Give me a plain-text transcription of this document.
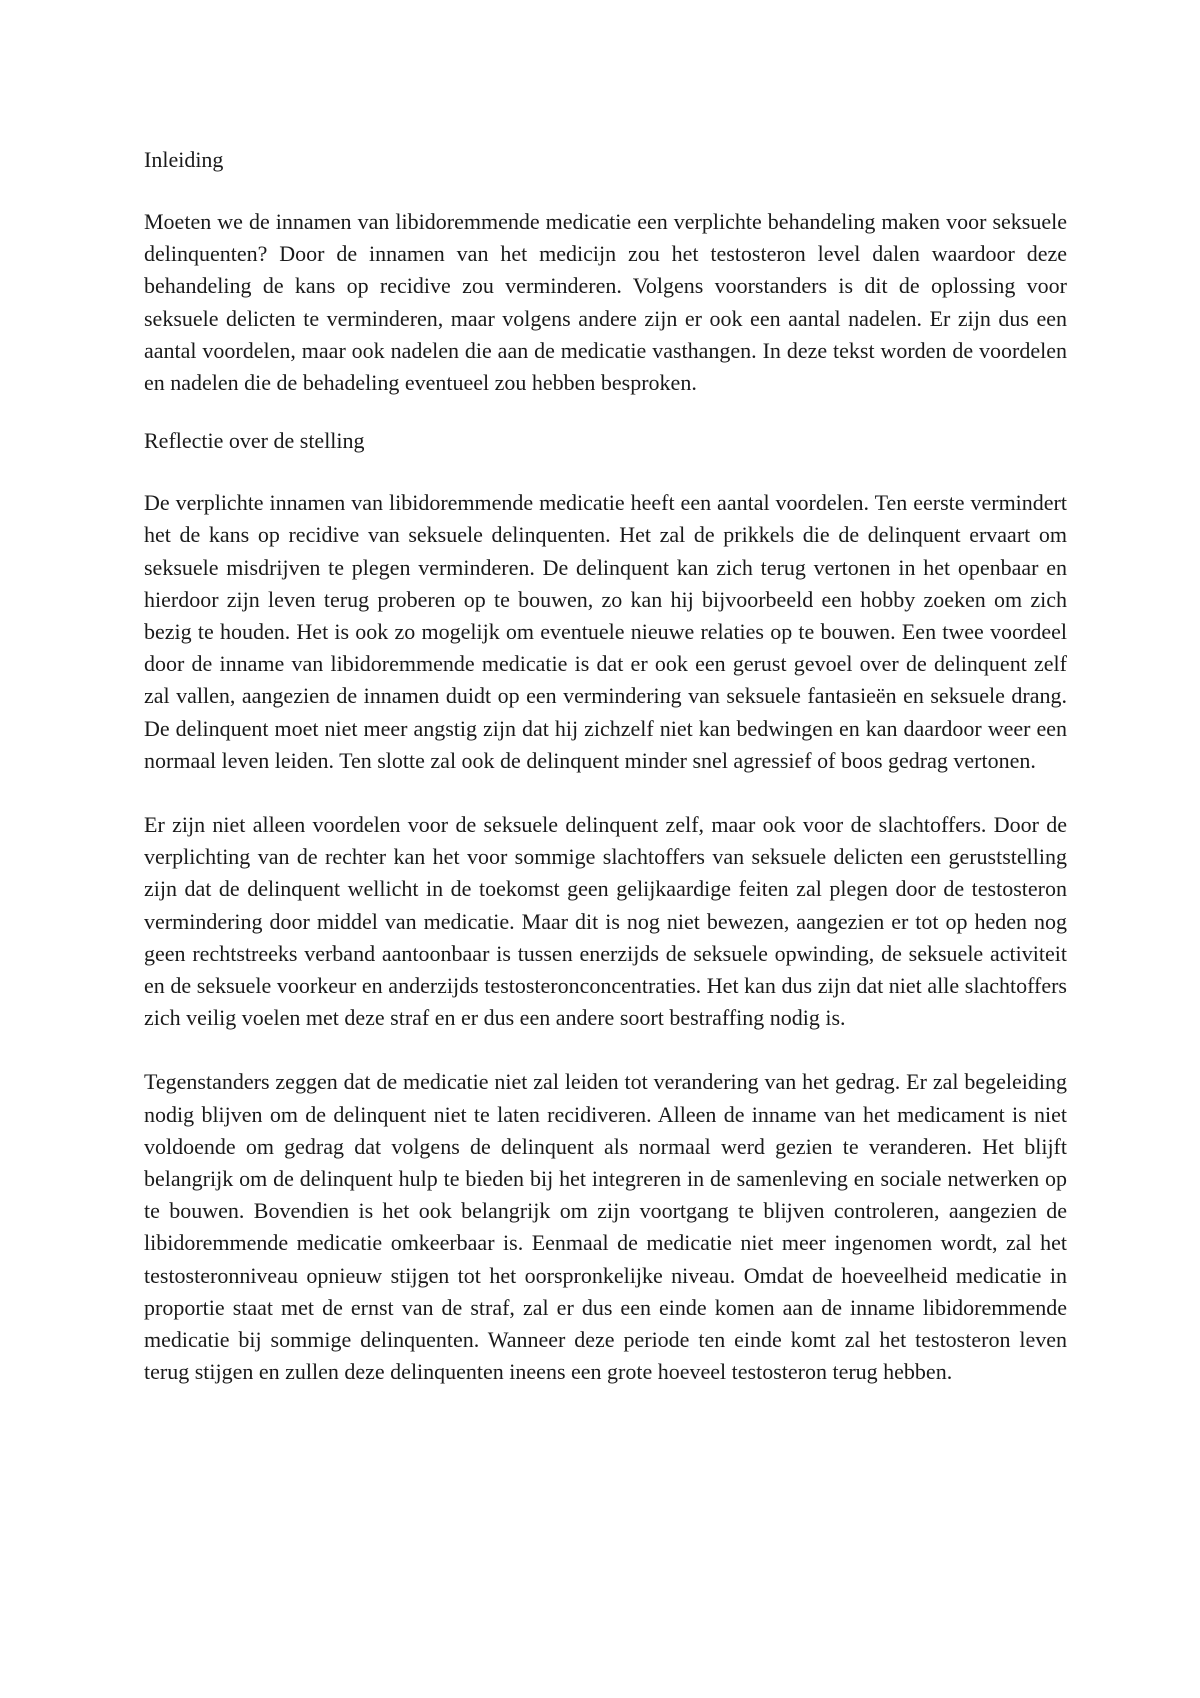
Inleiding

Moeten we de innamen van libidoremmende medicatie een verplichte behandeling maken voor seksuele delinquenten? Door de innamen van het medicijn zou het testosteron level dalen waardoor deze behandeling de kans op recidive zou verminderen. Volgens voorstanders is dit de oplossing voor seksuele delicten te verminderen, maar volgens andere zijn er ook een aantal nadelen. Er zijn dus een aantal voordelen, maar ook nadelen die aan de medicatie vasthangen. In deze tekst worden de voordelen en nadelen die de behadeling eventueel zou hebben besproken.

Reflectie over de stelling

De verplichte innamen van libidoremmende medicatie heeft een aantal voordelen. Ten eerste vermindert het de kans op recidive van seksuele delinquenten. Het zal de prikkels die de delinquent ervaart om seksuele misdrijven te plegen verminderen. De delinquent kan zich terug vertonen in het openbaar en hierdoor zijn leven terug proberen op te bouwen, zo kan hij bijvoorbeeld een hobby zoeken om zich bezig te houden. Het is ook zo mogelijk om eventuele nieuwe relaties op te bouwen. Een twee voordeel door de inname van libidoremmende medicatie is dat er ook een gerust gevoel over de delinquent zelf zal vallen, aangezien de innamen duidt op een vermindering van seksuele fantasieën en seksuele drang. De delinquent moet niet meer angstig zijn dat hij zichzelf niet kan bedwingen en kan daardoor weer een normaal leven leiden. Ten slotte zal ook de delinquent minder snel agressief of boos gedrag vertonen.

Er zijn niet alleen voordelen voor de seksuele delinquent zelf, maar ook voor de slachtoffers. Door de verplichting van de rechter kan het voor sommige slachtoffers van seksuele delicten een geruststelling zijn dat de delinquent wellicht in de toekomst geen gelijkaardige feiten zal plegen door de testosteron vermindering door middel van medicatie. Maar dit is nog niet bewezen, aangezien er tot op heden nog geen rechtstreeks verband aantoonbaar is tussen enerzijds de seksuele opwinding, de seksuele activiteit en de seksuele voorkeur en anderzijds testosteronconcentraties. Het kan dus zijn dat niet alle slachtoffers zich veilig voelen met deze straf en er dus een andere soort bestraffing nodig is.

Tegenstanders zeggen dat de medicatie niet zal leiden tot verandering van het gedrag. Er zal begeleiding nodig blijven om de delinquent niet te laten recidiveren. Alleen de inname van het medicament is niet voldoende om gedrag dat volgens de delinquent als normaal werd gezien te veranderen. Het blijft belangrijk om de delinquent hulp te bieden bij het integreren in de samenleving en sociale netwerken op te bouwen. Bovendien is het ook belangrijk om zijn voortgang te blijven controleren, aangezien de libidoremmende medicatie omkeerbaar is. Eenmaal de medicatie niet meer ingenomen wordt, zal het testosteronniveau opnieuw stijgen tot het oorspronkelijke niveau. Omdat de hoeveelheid medicatie in proportie staat met de ernst van de straf, zal er dus een einde komen aan de inname libidoremmende medicatie bij sommige delinquenten. Wanneer deze periode ten einde komt zal het testosteron leven terug stijgen en zullen deze delinquenten ineens een grote hoeveel testosteron terug hebben.
